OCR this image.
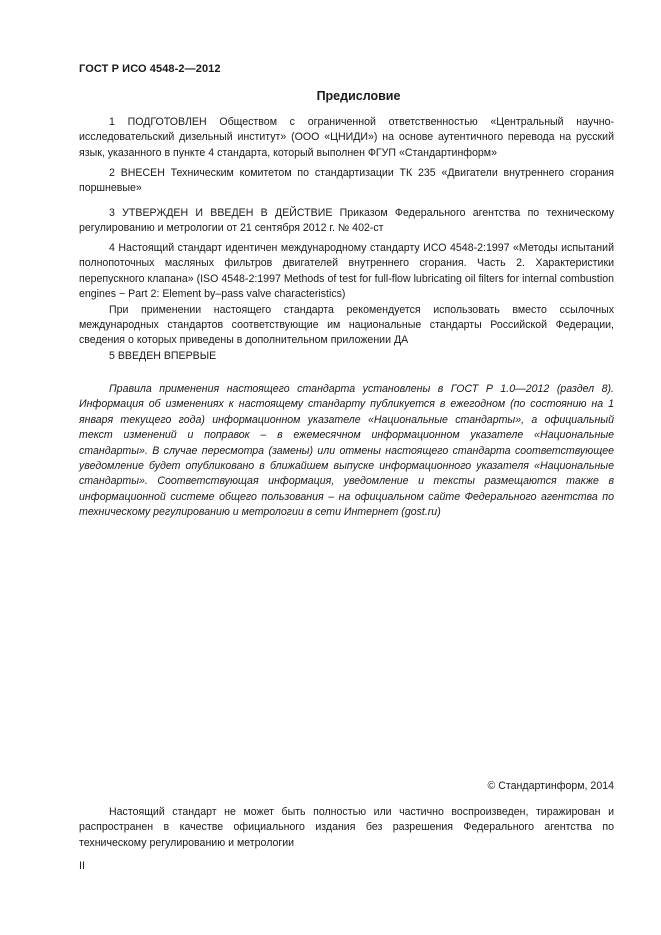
ГОСТ Р ИСО 4548-2—2012
Предисловие

1 ПОДГОТОВЛЕН Обществом с ограниченной ответственностью «Центральный научно-исследовательский дизельный институт» (ООО «ЦНИДИ») на основе аутентичного перевода на русский язык, указанного в пункте 4 стандарта, который выполнен ФГУП «Стандартинформ»

2 ВНЕСЕН Техническим комитетом по стандартизации ТК 235 «Двигатели внутреннего сгорания поршневые»

3 УТВЕРЖДЕН И ВВЕДЕН В ДЕЙСТВИЕ Приказом Федерального агентства по техническому регулированию и метрологии от 21 сентября 2012 г. № 402-ст

4 Настоящий стандарт идентичен международному стандарту ИСО 4548-2:1997 «Методы испытаний полнопоточных масляных фильтров двигателей внутреннего сгорания. Часть 2. Характеристики перепускного клапана» (ISO 4548-2:1997 Methods of test for full-flow lubricating oil filters for internal combustion engines − Part 2: Element by–pass valve characteristics)

При применении настоящего стандарта рекомендуется использовать вместо ссылочных международных стандартов соответствующие им национальные стандарты Российской Федерации, сведения о которых приведены в дополнительном приложении ДА

5 ВВЕДЕН ВПЕРВЫЕ

Правила применения настоящего стандарта установлены в ГОСТ Р 1.0—2012 (раздел 8). Информация об изменениях к настоящему стандарту публикуется в ежегодном (по состоянию на 1 января текущего года) информационном указателе «Национальные стандарты», а официальный текст изменений и поправок – в ежемесячном информационном указателе «Национальные стандарты». В случае пересмотра (замены) или отмены настоящего стандарта соответствующее уведомление будет опубликовано в ближайшем выпуске информационного указателя «Национальные стандарты». Соответствующая информация, уведомление и тексты размещаются также в информационной системе общего пользования – на официальном сайте Федерального агентства по техническому регулированию и метрологии в сети Интернет (gost.ru)
© Стандартинформ, 2014
Настоящий стандарт не может быть полностью или частично воспроизведен, тиражирован и распространен в качестве официального издания без разрешения Федерального агентства по техническому регулированию и метрологии
II
